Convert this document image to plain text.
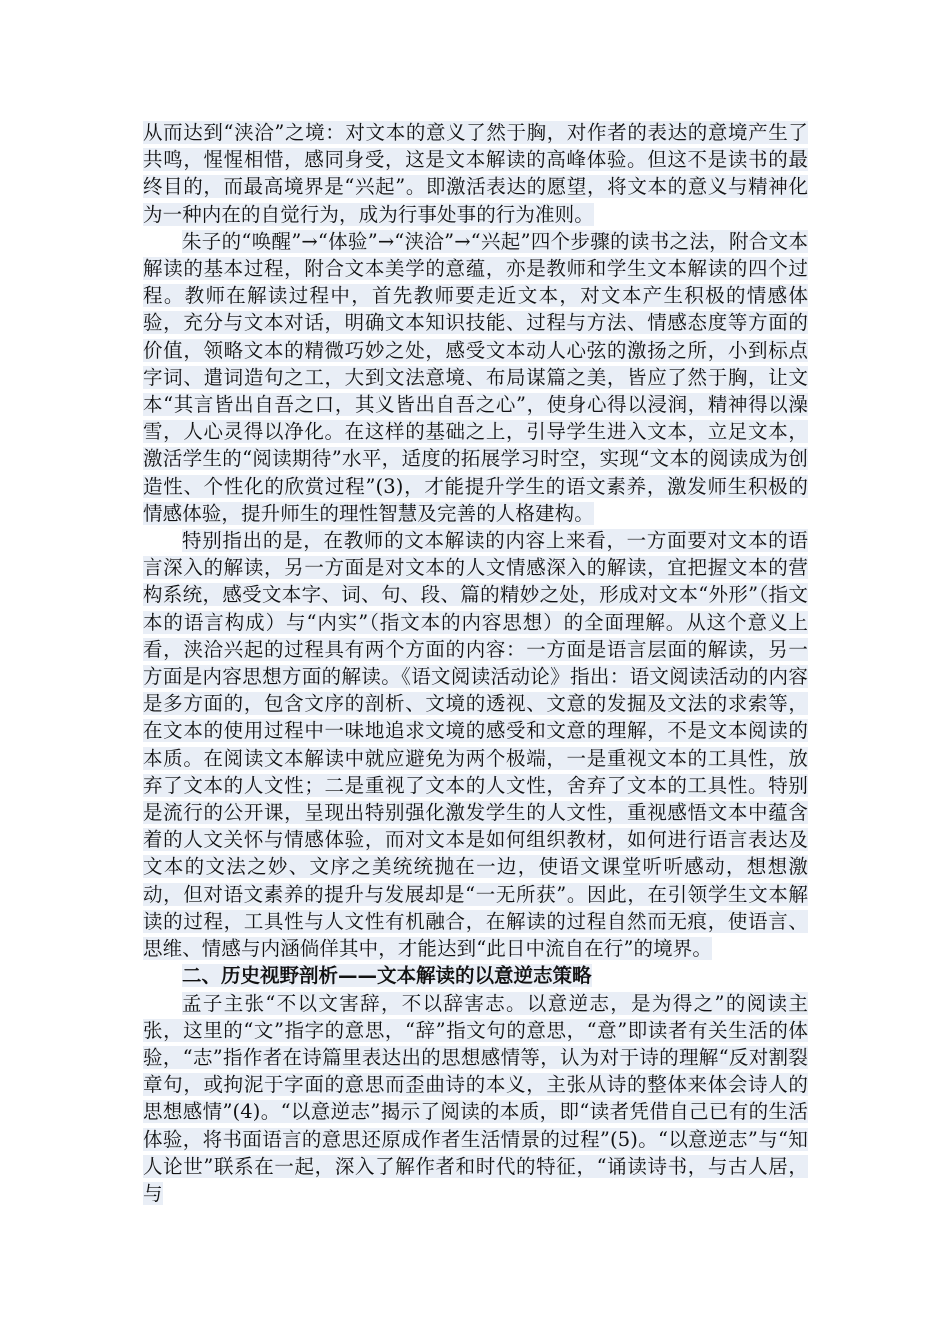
从而达到“浃洽”之境：对文本的意义了然于胸，对作者的表达的意境产生了共鸣，惺惺相惜，感同身受，这是文本解读的高峰体验。但这不是读书的最终目的，而最高境界是“兴起”。即激活表达的愿望，将文本的意义与精神化为一种内在的自觉行为，成为行事处事的行为准则。

朱子的“唤醒”→“体验”→“浃洽”→“兴起”四个步骤的读书之法，附合文本解读的基本过程，附合文本美学的意蕴，亦是教师和学生文本解读的四个过程。教师在解读过程中，首先教师要走近文本，对文本产生积极的情感体验，充分与文本对话，明确文本知识技能、过程与方法、情感态度等方面的价值，领略文本的精微巧妙之处，感受文本动人心弦的激扬之所，小到标点字词、遣词造句之工，大到文法意境、布局谋篇之美，皆应了然于胸，让文本“其言皆出自吾之口，其义皆出自吾之心”，使身心得以浸润，精神得以澡雪，人心灵得以净化。在这样的基础之上，引导学生进入文本，立足文本，激活学生的“阅读期待”水平，适度的拓展学习时空，实现“文本的阅读成为创造性、个性化的欣赏过程”(3)，才能提升学生的语文素养，激发师生积极的情感体验，提升师生的理性智慧及完善的人格建构。

特别指出的是，在教师的文本解读的内容上来看，一方面要对文本的语言深入的解读，另一方面是对文本的人文情感深入的解读，宜把握文本的营构系统，感受文本字、词、句、段、篇的精妙之处，形成对文本“外形”（指文本的语言构成）与“内实”（指文本的内容思想）的全面理解。从这个意义上看，浃洽兴起的过程具有两个方面的内容：一方面是语言层面的解读，另一方面是内容思想方面的解读。《语文阅读活动论》指出：语文阅读活动的内容是多方面的，包含文序的剖析、文境的透视、文意的发掘及文法的求索等，在文本的使用过程中一味地追求文境的感受和文意的理解，不是文本阅读的本质。在阅读文本解读中就应避免为两个极端，一是重视文本的工具性，放弃了文本的人文性；二是重视了文本的人文性，舍弃了文本的工具性。特别是流行的公开课，呈现出特别强化激发学生的人文性，重视感悟文本中蕴含着的人文关怀与情感体验，而对文本是如何组织教材，如何进行语言表达及文本的文法之妙、文序之美统统抛在一边，使语文课堂听听感动，想想激动，但对语文素养的提升与发展却是“一无所获”。因此，在引领学生文本解读的过程，工具性与人文性有机融合，在解读的过程自然而无痕，使语言、思维、情感与内涵倘佯其中，才能达到“此日中流自在行”的境界。

二、历史视野剖析——文本解读的以意逆志策略

孟子主张“不以文害辞，不以辞害志。以意逆志，是为得之”的阅读主张，这里的“文”指字的意思，“辞”指文句的意思，“意”即读者有关生活的体验，“志”指作者在诗篇里表达出的思想感情等，认为对于诗的理解“反对割裂章句，或拘泥于字面的意思而歪曲诗的本义，主张从诗的整体来体会诗人的思想感情”(4)。“以意逆志”揭示了阅读的本质，即“读者凭借自己已有的生活体验，将书面语言的意思还原成作者生活情景的过程”(5)。“以意逆志”与“知人论世”联系在一起，深入了解作者和时代的特征，“诵读诗书，与古人居，与
